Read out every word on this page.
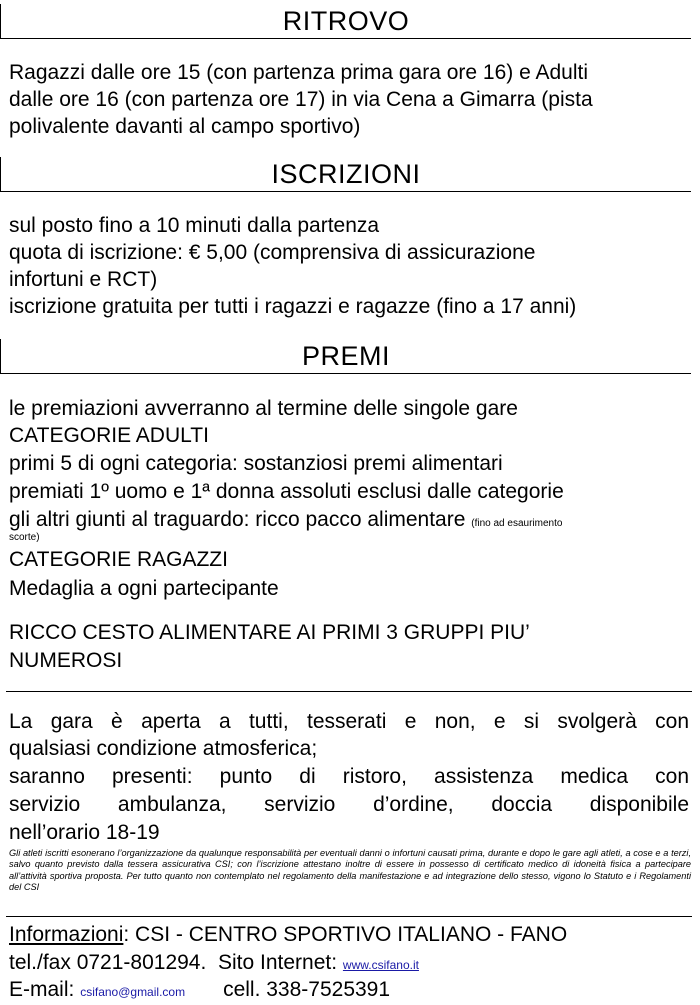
RITROVO
Ragazzi dalle ore 15 (con partenza prima gara ore 16) e Adulti
dalle ore 16 (con partenza ore 17) in via Cena a Gimarra (pista
polivalente davanti al campo sportivo)
ISCRIZIONI
sul posto fino a 10 minuti dalla partenza
quota di iscrizione: € 5,00 (comprensiva di assicurazione
infortuni e RCT)
iscrizione gratuita per tutti i ragazzi e ragazze (fino a 17 anni)
PREMI
le premiazioni avverranno al termine delle singole gare
CATEGORIE ADULTI
primi 5 di ogni categoria: sostanziosi premi alimentari
premiati 1º uomo e 1ª donna assoluti esclusi dalle categorie
gli altri giunti al traguardo: ricco pacco alimentare (fino ad esaurimento
scorte)
CATEGORIE RAGAZZI
Medaglia a ogni partecipante
RICCO CESTO ALIMENTARE AI PRIMI 3 GRUPPI PIU’
NUMEROSI
La gara è aperta a tutti, tesserati e non, e si svolgerà con
qualsiasi condizione atmosferica;
saranno presenti: punto di ristoro, assistenza medica con
servizio ambulanza, servizio d’ordine, doccia disponibile
nell’orario 18-19
Gli atleti iscritti esonerano l’organizzazione da qualunque responsabilità per eventuali danni o infortuni causati prima, durante e dopo le gare agli atleti, a cose e a terzi, salvo quanto previsto dalla tessera assicurativa CSI; con l’iscrizione attestano inoltre di essere in possesso di certificato medico di idoneità fisica a partecipare all’attività sportiva proposta. Per tutto quanto non contemplato nel regolamento della manifestazione e ad integrazione dello stesso, vigono lo Statuto e i Regolamenti del CSI
Informazioni: CSI - CENTRO SPORTIVO ITALIANO - FANO
tel./fax 0721-801294. Sito Internet: www.csifano.it
E-mail: csifano@gmail.com cell. 338-7525391
